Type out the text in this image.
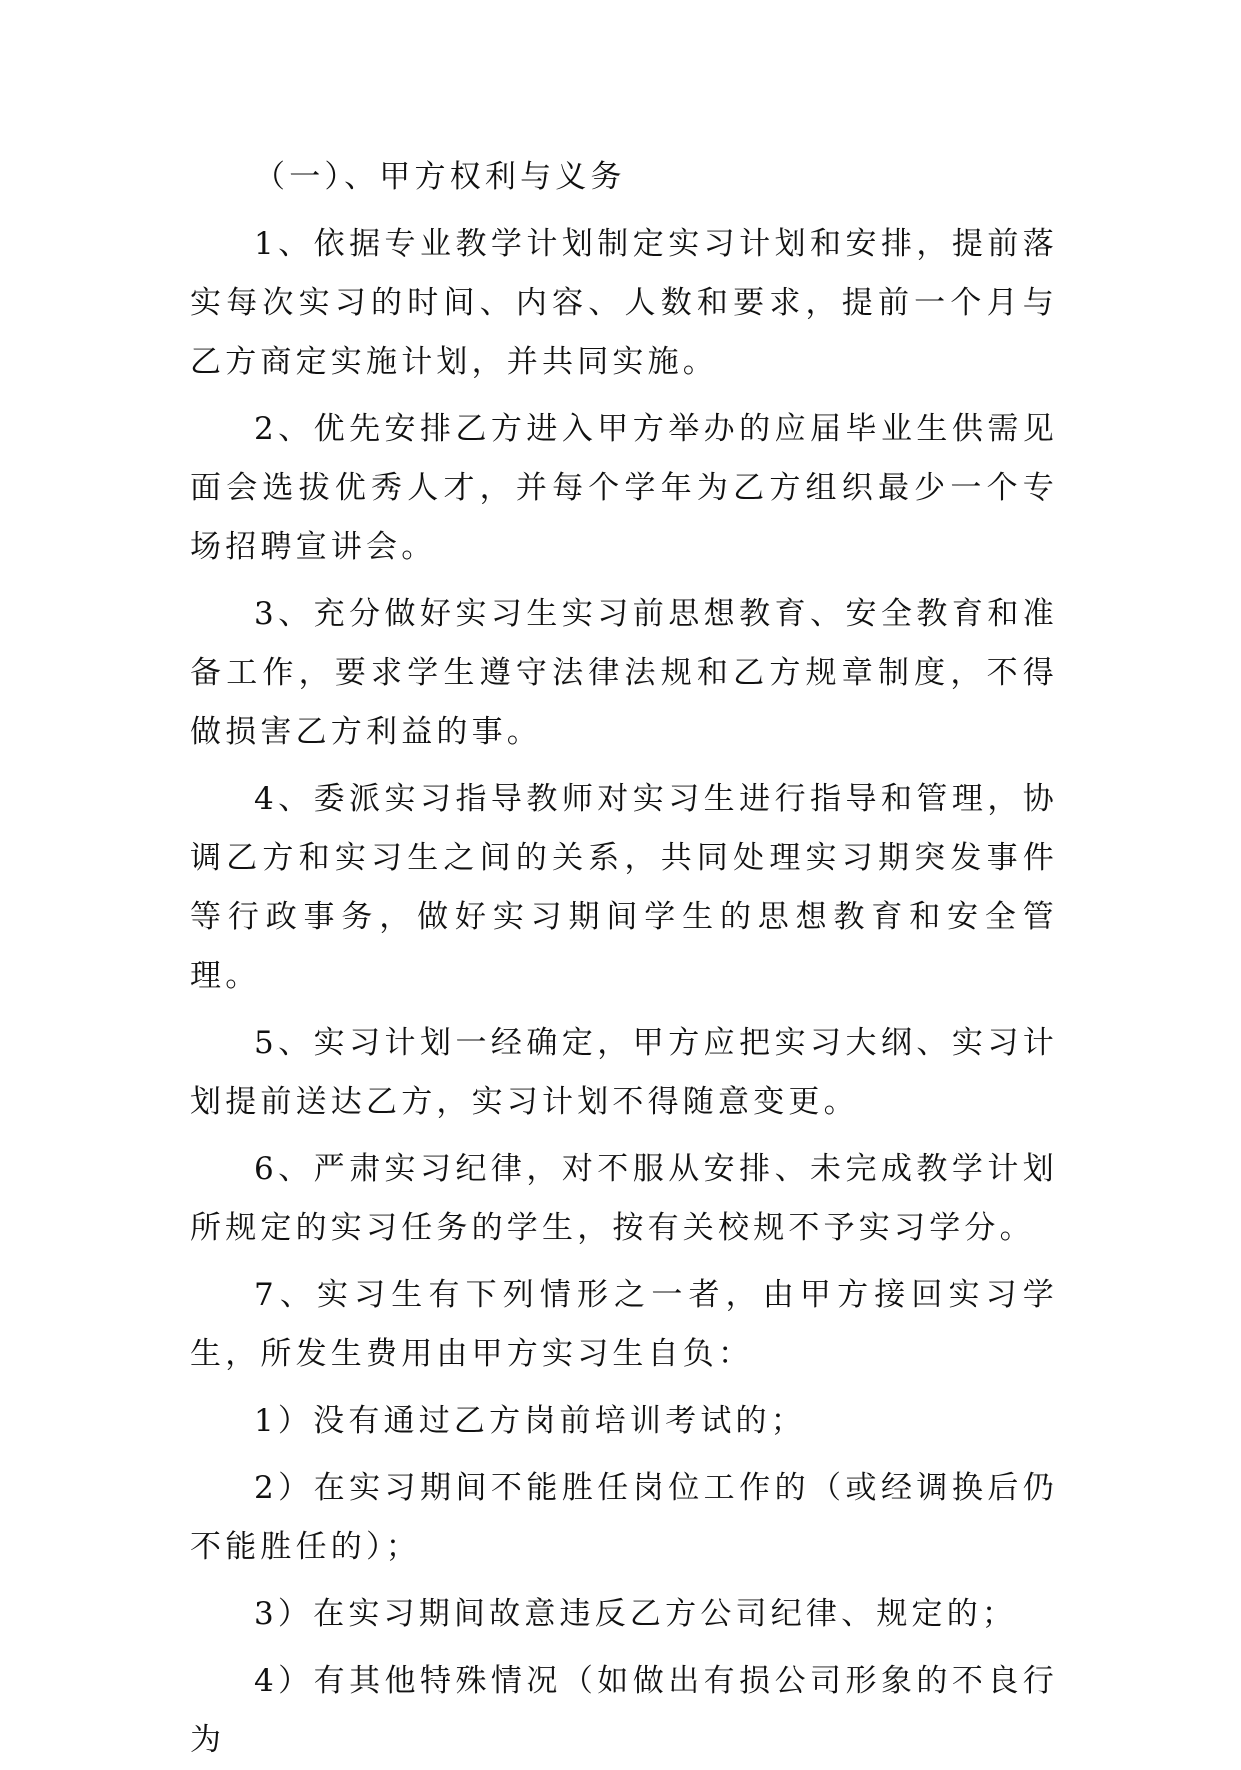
（一）、甲方权利与义务

1、依据专业教学计划制定实习计划和安排，提前落实每次实习的时间、内容、人数和要求，提前一个月与乙方商定实施计划，并共同实施。

2、优先安排乙方进入甲方举办的应届毕业生供需见面会选拔优秀人才，并每个学年为乙方组织最少一个专场招聘宣讲会。

3、充分做好实习生实习前思想教育、安全教育和准备工作，要求学生遵守法律法规和乙方规章制度，不得做损害乙方利益的事。

4、委派实习指导教师对实习生进行指导和管理，协调乙方和实习生之间的关系，共同处理实习期突发事件等行政事务，做好实习期间学生的思想教育和安全管理。

5、实习计划一经确定，甲方应把实习大纲、实习计划提前送达乙方，实习计划不得随意变更。

6、严肃实习纪律，对不服从安排、未完成教学计划所规定的实习任务的学生，按有关校规不予实习学分。

7、实习生有下列情形之一者，由甲方接回实习学生，所发生费用由甲方实习生自负：

1）没有通过乙方岗前培训考试的；

2）在实习期间不能胜任岗位工作的（或经调换后仍不能胜任的）；

3）在实习期间故意违反乙方公司纪律、规定的；

4）有其他特殊情况（如做出有损公司形象的不良行为
